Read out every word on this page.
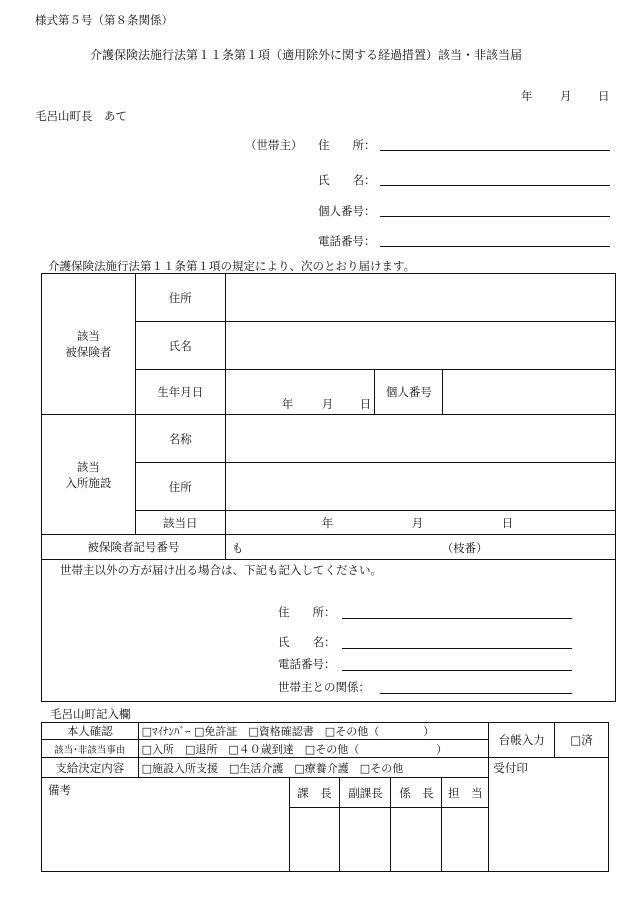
様式第５号（第８条関係）
介護保険法施行法第１１条第１項（適用除外に関する経過措置）該当・非該当届
年 月 日
毛呂山町長　あて
（世帯主） 住　　所：
氏　　名：
個人番号：
電話番号：
介護保険法施行法第１１条第１項の規定により、次のとおり届けます。
該当
被保険者	住所			
	氏名			
	生年月日	年 月 日	個人番号	

該当
入所施設	名称			
	住所			
	該当日	年 月 日		

被保険者記号番号		も （枝番）		

世帯主以外の方が届け出る場合は、下記も記入してください。
住　　所：
氏　　名：
電話番号：
世帯主との関係：				
毛呂山町記入欄
本人確認	□ﾏｲﾅﾝﾊﾞｰ □免許証　□資格確認書　□その他（　　　　）					台帳入力	□済
該当･非該当事由	□入所　□退所　□４０歳到達　□その他（　　　　　　　）						
支給決定内容	□施設入所支援　□生活介護　□療養介護　□その他					受付印	
備考		課　長	副課長	係　長	担　当		
